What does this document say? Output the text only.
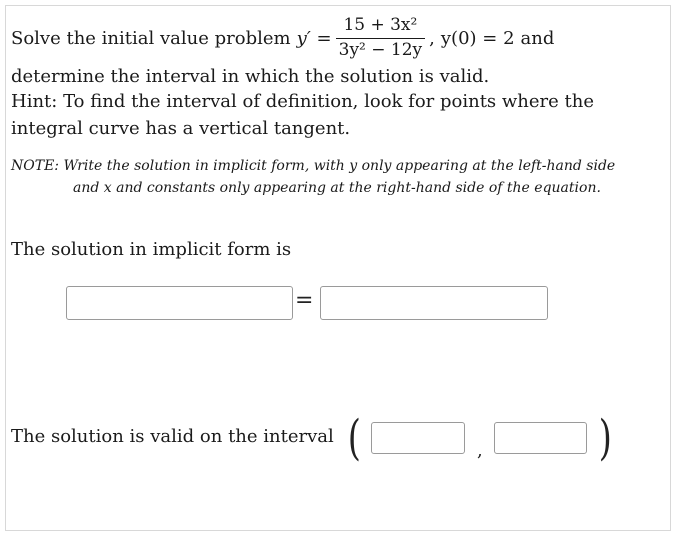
Solve the initial value problem $y' = \frac{\text{15 + 3x²}}{\text{3y² − 12y}}$ , y(0) = 2 and
determine the interval in which the solution is valid.
Hint: To find the interval of definition, look for points where the
integral curve has a vertical tangent.
NOTE: Write the solution in implicit form, with y only appearing at the left-hand side
and x and constants only appearing at the right-hand side of the equation.
The solution in implicit form is
=
The solution is valid on the interval (	, )
